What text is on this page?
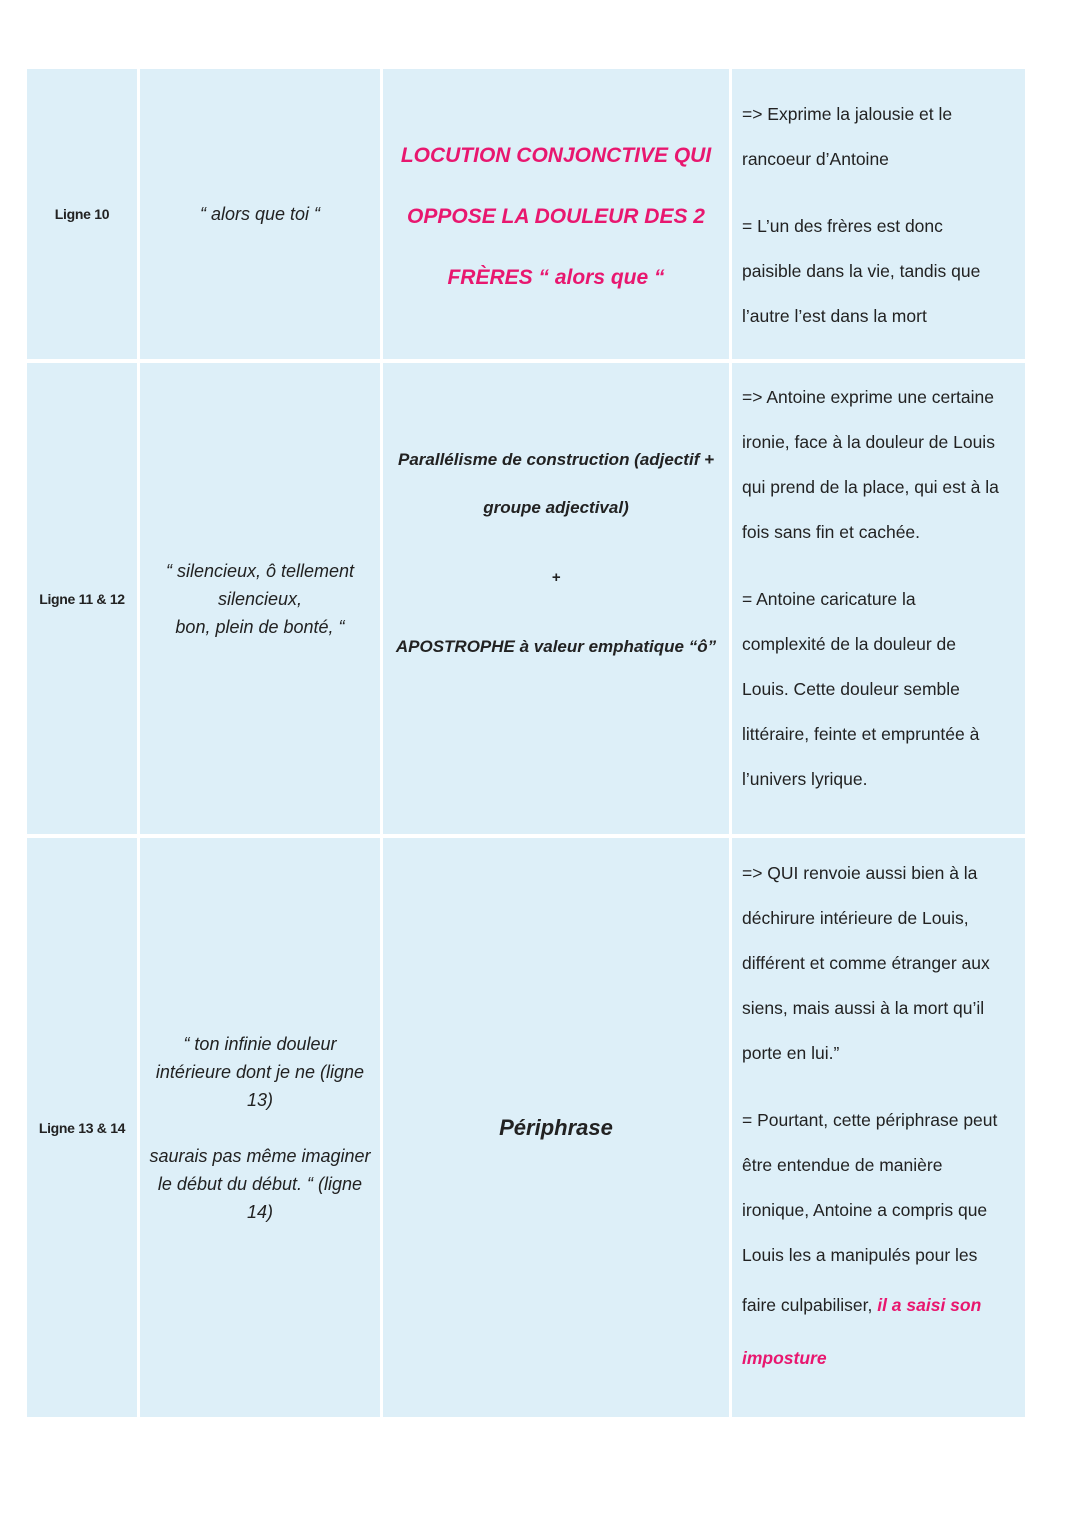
Ligne 10	“ alors que toi “
LOCUTION CONJONCTIVE QUI
OPPOSE LA DOULEUR DES 2
FRÈRES “ alors que “

=> Exprime la jalousie et le

rancoeur d’Antoine

= L’un des frères est donc

paisible dans la vie, tandis que

l’autre l’est dans la mort

Ligne 11 & 12
“ silencieux, ô tellement
silencieux,
bon, plein de bonté, “
Parallélisme de construction (adjectif +
groupe adjectival)
+
APOSTROPHE à valeur emphatique “ô”

=> Antoine exprime une certaine

ironie, face à la douleur de Louis

qui prend de la place, qui est à la

fois sans fin et cachée.

= Antoine caricature la

complexité de la douleur de

Louis. Cette douleur semble

littéraire, feinte et empruntée à

l’univers lyrique.

Ligne 13 & 14
“ ton infinie douleur
intérieure dont je ne (ligne
13)
saurais pas même imaginer
le début du début. “ (ligne
14)
Périphrase

=> QUI renvoie aussi bien à la

déchirure intérieure de Louis,

différent et comme étranger aux

siens, mais aussi à la mort qu’il

porte en lui.”

= Pourtant, cette périphrase peut

être entendue de manière

ironique, Antoine a compris que

Louis les a manipulés pour les

faire culpabiliser, il a saisi son

imposture
